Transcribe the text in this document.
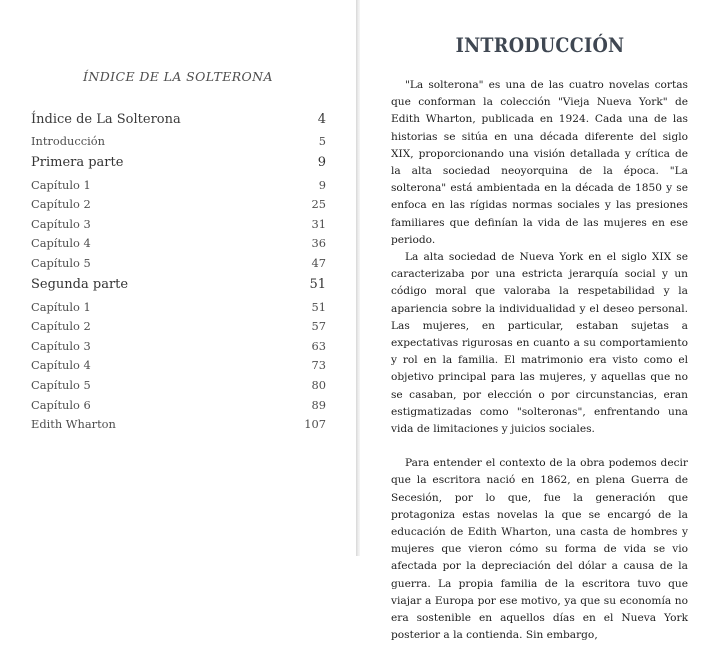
ÍNDICE DE LA SOLTERONA
Índice de La Solterona	4
Introducción	5
Primera parte	9
Capítulo 1	9
Capítulo 2	25
Capítulo 3	31
Capítulo 4	36
Capítulo 5	47
Segunda parte	51
Capítulo 1	51
Capítulo 2	57
Capítulo 3	63
Capítulo 4	73
Capítulo 5	80
Capítulo 6	89
Edith Wharton	107
INTRODUCCIÓN

"La solterona" es una de las cuatro novelas cortas que conforman la colección "Vieja Nueva York" de Edith Wharton, publicada en 1924. Cada una de las historias se sitúa en una década diferente del siglo XIX, proporcionando una visión detallada y crítica de la alta sociedad neoyorquina de la época. "La solterona" está ambientada en la década de 1850 y se enfoca en las rígidas normas sociales y las presiones familiares que definían la vida de las mujeres en ese periodo.

La alta sociedad de Nueva York en el siglo XIX se caracterizaba por una estricta jerarquía social y un código moral que valoraba la respetabilidad y la apariencia sobre la individualidad y el deseo personal. Las mujeres, en particular, estaban sujetas a expectativas rigurosas en cuanto a su comportamiento y rol en la familia. El matrimonio era visto como el objetivo principal para las mujeres, y aquellas que no se casaban, por elección o por circunstancias, eran estigmatizadas como "solteronas", enfrentando una vida de limitaciones y juicios sociales.

Para entender el contexto de la obra podemos decir que la escritora nació en 1862, en plena Guerra de Secesión, por lo que, fue la generación que protagoniza estas novelas la que se encargó de la educación de Edith Wharton, una casta de hombres y mujeres que vieron cómo su forma de vida se vio afectada por la depreciación del dólar a causa de la guerra. La propia familia de la escritora tuvo que viajar a Europa por ese motivo, ya que su economía no era sostenible en aquellos días en el Nueva York posterior a la contienda. Sin embargo,
